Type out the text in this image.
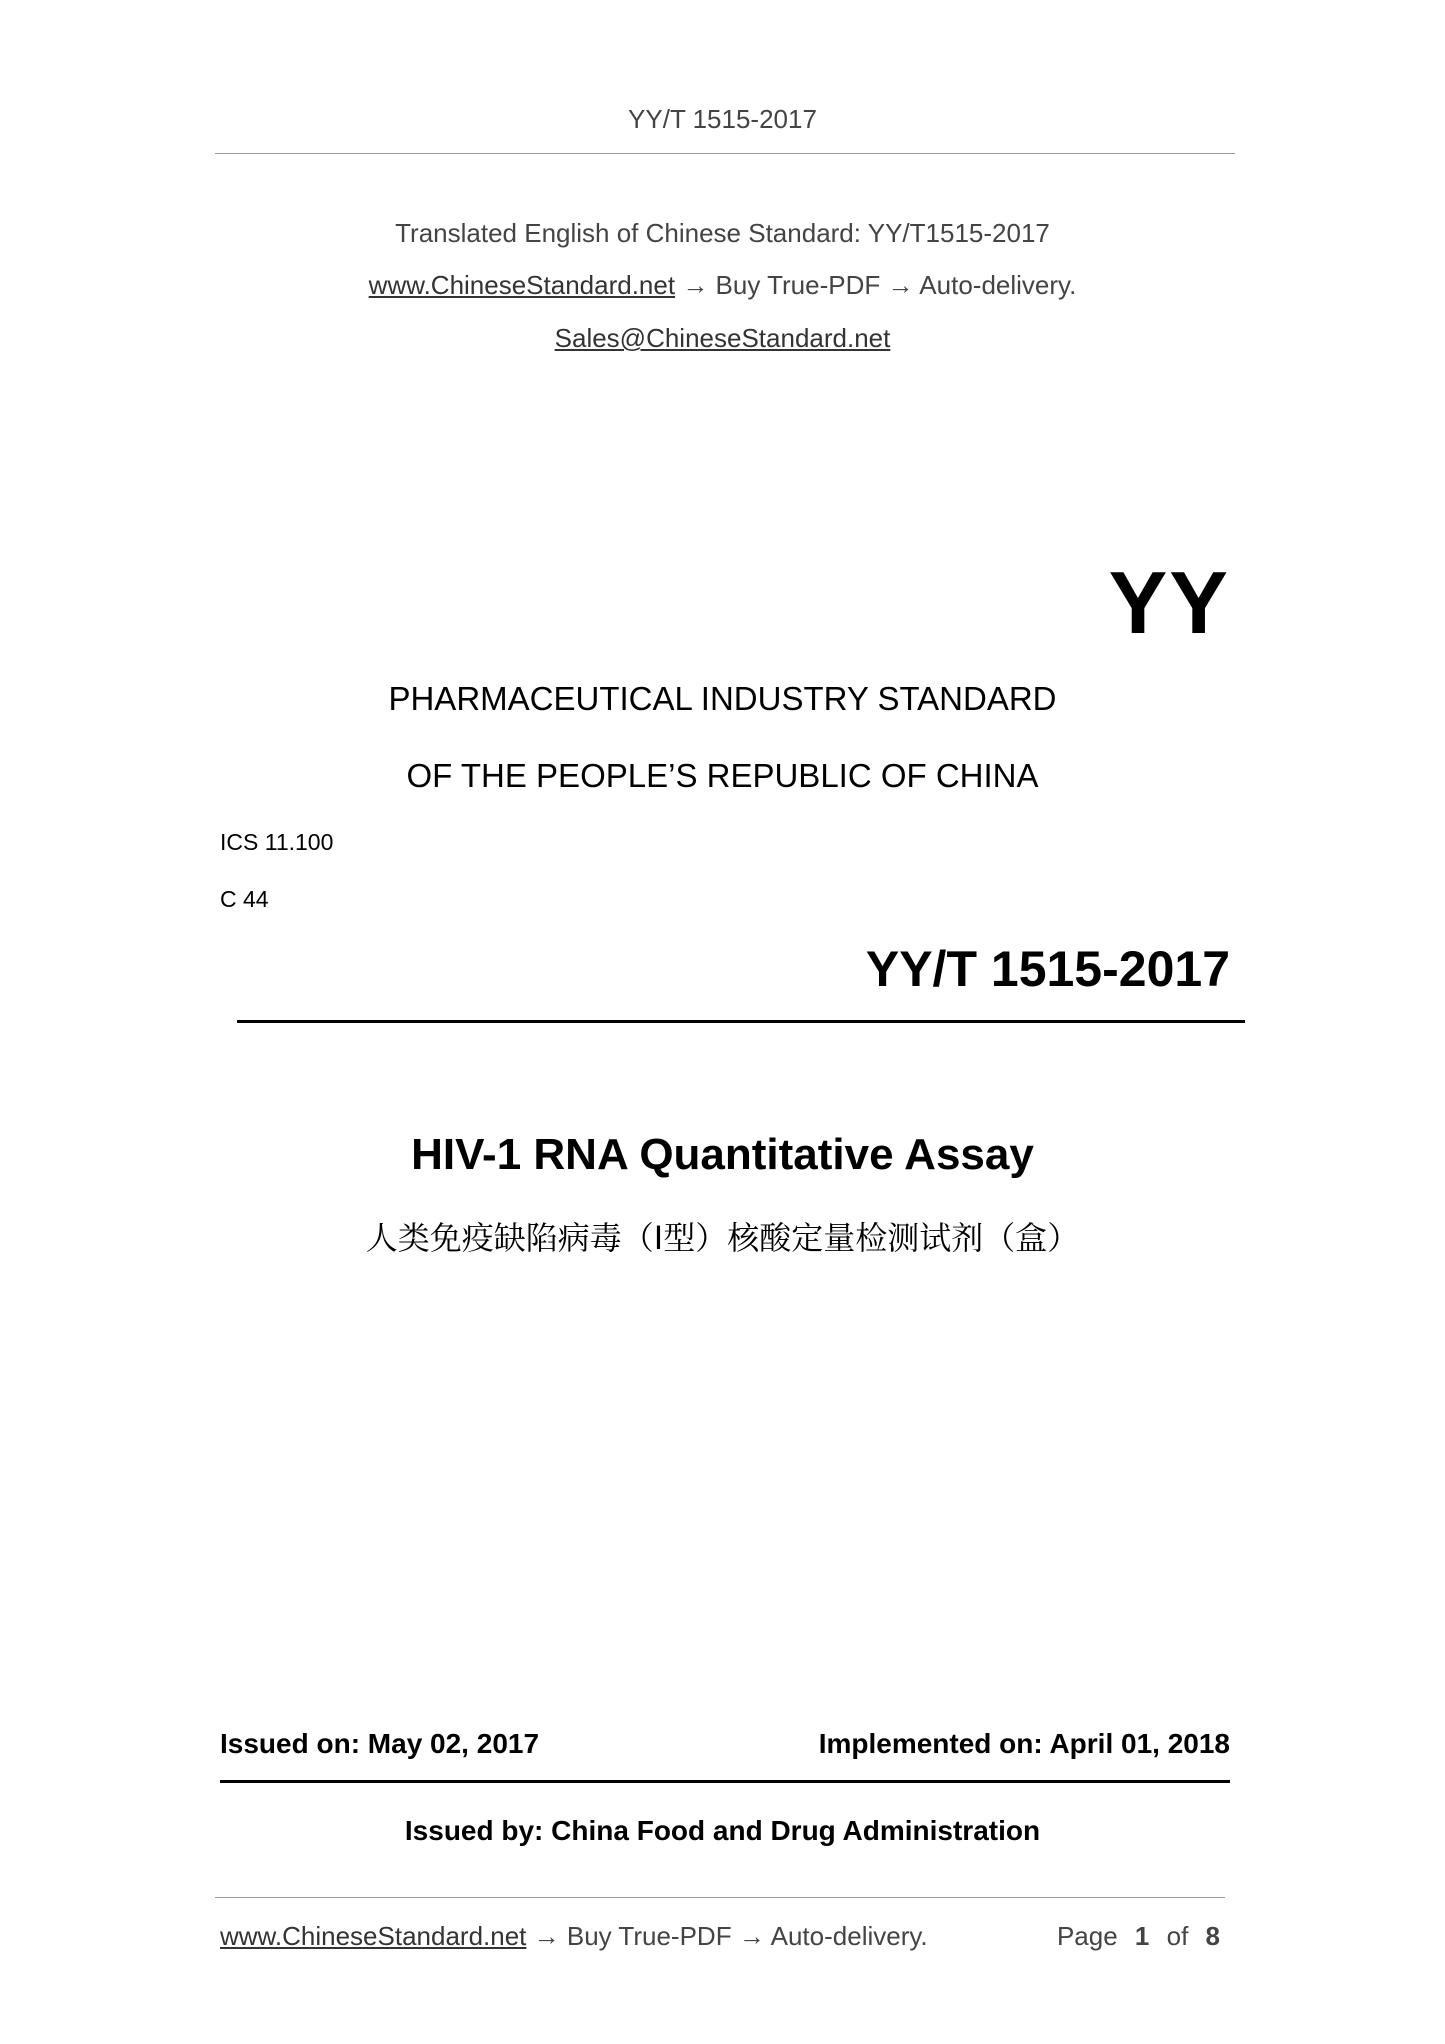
YY/T 1515-2017
Translated English of Chinese Standard: YY/T1515-2017
www.ChineseStandard.net → Buy True-PDF → Auto-delivery.
Sales@ChineseStandard.net
YY
PHARMACEUTICAL INDUSTRY STANDARD
OF THE PEOPLE’S REPUBLIC OF CHINA
ICS 11.100
C 44
YY/T 1515-2017
HIV-1 RNA Quantitative Assay
人类免疫缺陷病毒（Ⅰ型）核酸定量检测试剂（盒）
Issued on: May 02, 2017	Implemented on: April 01, 2018
Issued by: China Food and Drug Administration
www.ChineseStandard.net → Buy True-PDF → Auto-delivery.	Page 1 of 8
